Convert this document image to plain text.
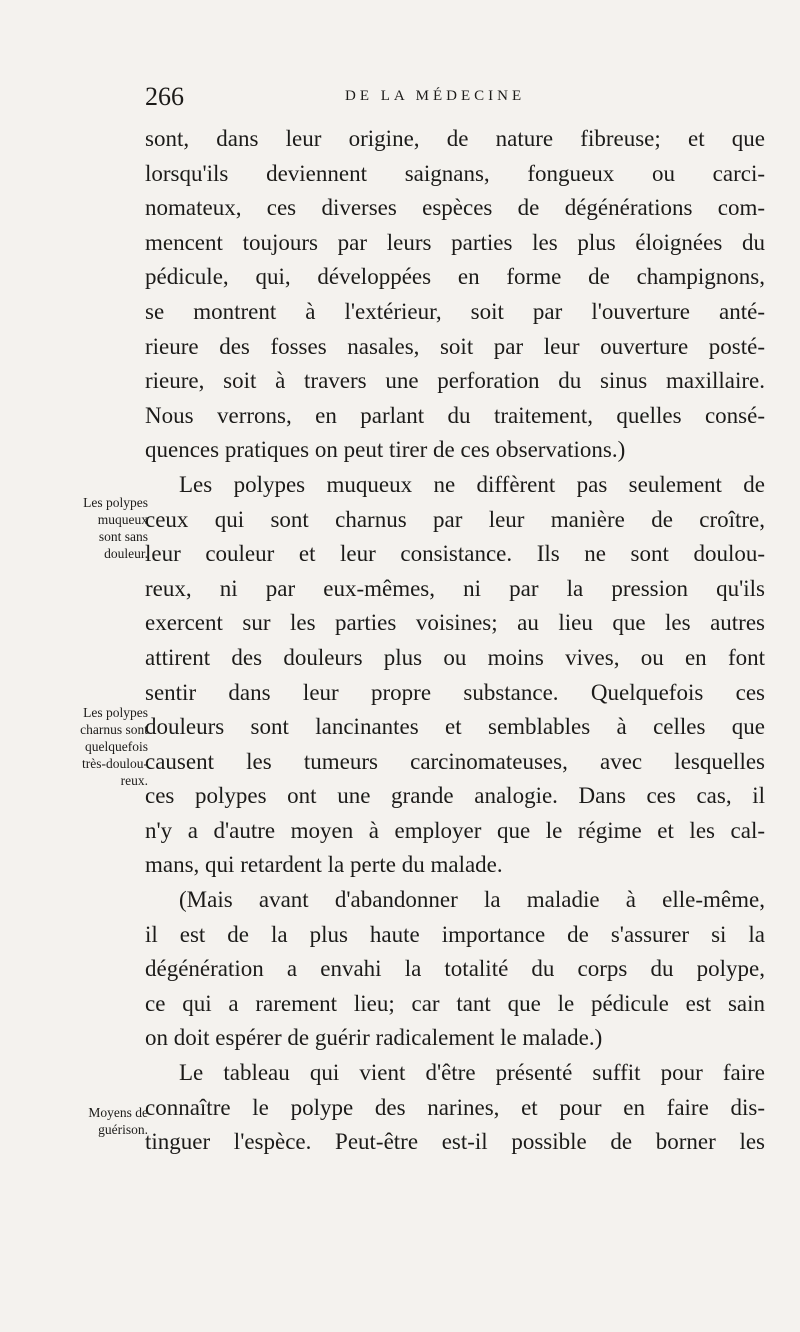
266	DE LA MÉDECINE
sont, dans leur origine, de nature fibreuse; et que
lorsqu'ils deviennent saignans, fongueux ou carci-
nomateux, ces diverses espèces de dégénérations com-
mencent toujours par leurs parties les plus éloignées du
pédicule, qui, développées en forme de champignons,
se montrent à l'extérieur, soit par l'ouverture anté-
rieure des fosses nasales, soit par leur ouverture posté-
rieure, soit à travers une perforation du sinus maxillaire.
Nous verrons, en parlant du traitement, quelles consé-
quences pratiques on peut tirer de ces observations.)
Les polypes muqueux ne diffèrent pas seulement de
ceux qui sont charnus par leur manière de croître,
leur couleur et leur consistance. Ils ne sont doulou-
reux, ni par eux-mêmes, ni par la pression qu'ils
exercent sur les parties voisines; au lieu que les autres
attirent des douleurs plus ou moins vives, ou en font
sentir dans leur propre substance. Quelquefois ces
douleurs sont lancinantes et semblables à celles que
causent les tumeurs carcinomateuses, avec lesquelles
ces polypes ont une grande analogie. Dans ces cas, il
n'y a d'autre moyen à employer que le régime et les cal-
mans, qui retardent la perte du malade.
(Mais avant d'abandonner la maladie à elle-même,
il est de la plus haute importance de s'assurer si la
dégénération a envahi la totalité du corps du polype,
ce qui a rarement lieu; car tant que le pédicule est sain
on doit espérer de guérir radicalement le malade.)
Le tableau qui vient d'être présenté suffit pour faire
connaître le polype des narines, et pour en faire dis-
tinguer l'espèce. Peut-être est-il possible de borner les
Les polypes
muqueux
sont sans
douleur.
Les polypes
charnus sont
quelquefois
très-doulou-
reux.
Moyens de
guérison.
